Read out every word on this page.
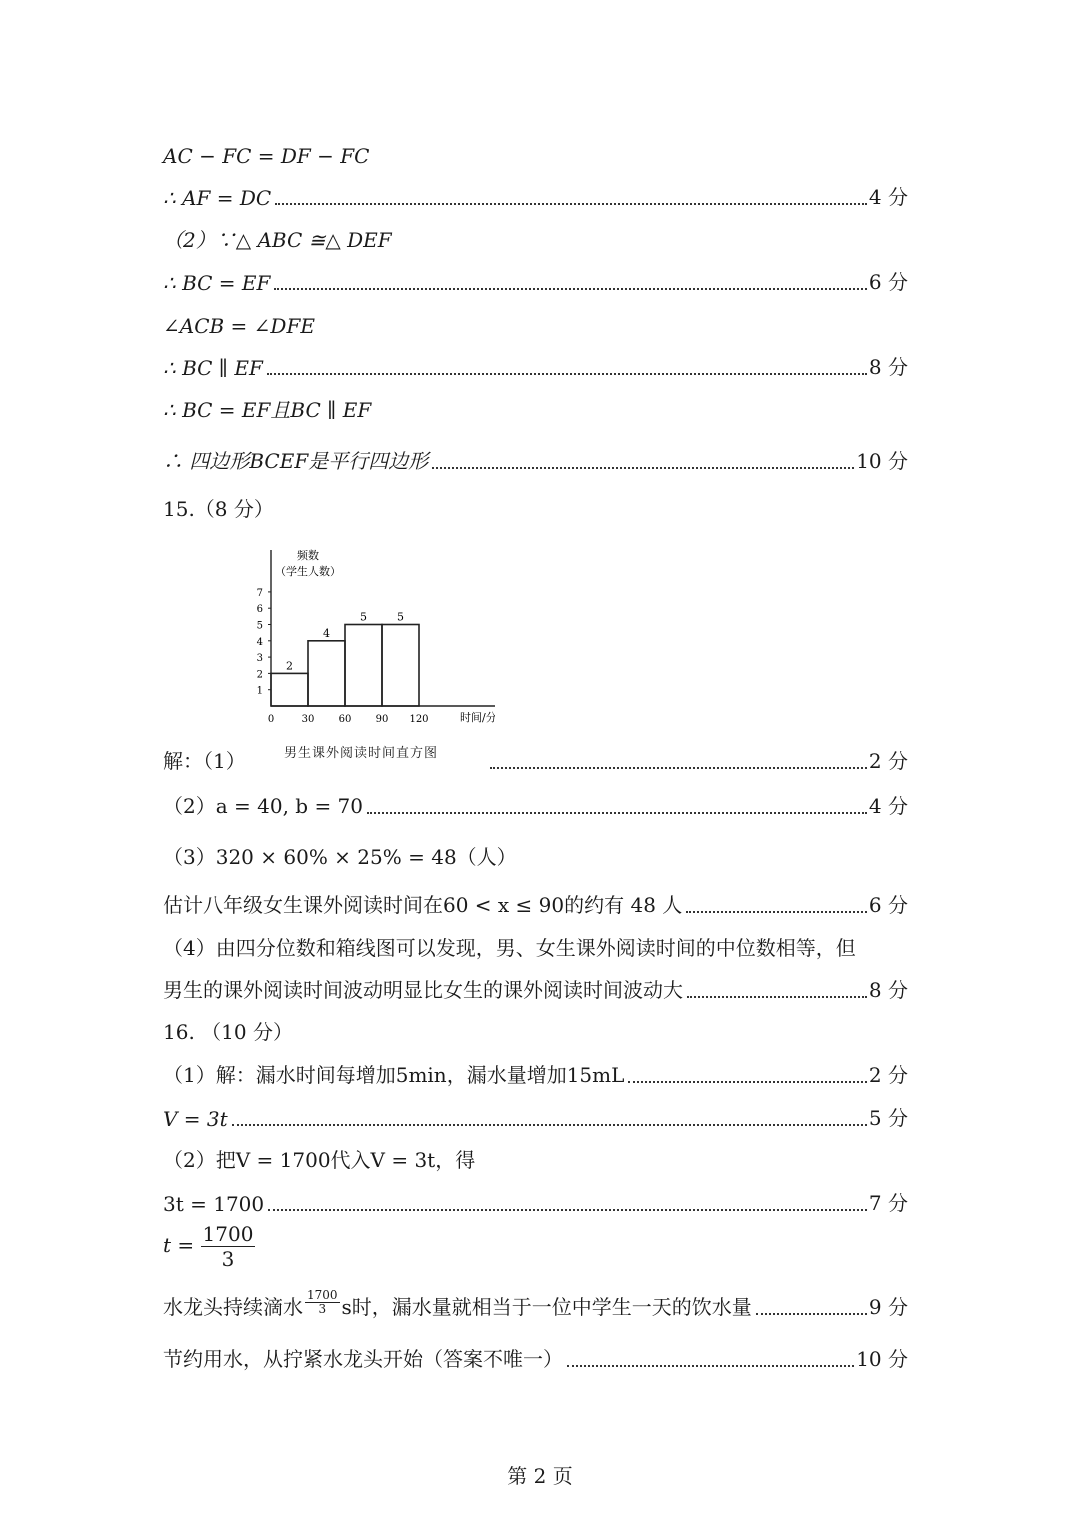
AC − FC = DF − FC
∴ AF = DC	4 分
（2）∵△ ABC ≅△ DEF
∴ BC = EF	6 分
∠ACB = ∠DFE
∴ BC ∥ EF	8 分
∴ BC = EF且BC ∥ EF
∴ 四边形BCEF是平行四边形	10 分
15.（8 分）
频数
（学生人数）
2
4
5	5
1
2
3
4
5
6
7
0	30 60 90 120	时间/分
解：（1）	2 分
男生课外阅读时间直方图
（2）a = 40, b = 70	4 分
（3）320 × 60% × 25% = 48（人）
估计八年级女生课外阅读时间在60 < x ≤ 90的约有 48 人	6 分
（4）由四分位数和箱线图可以发现，男、女生课外阅读时间的中位数相等，但
男生的课外阅读时间波动明显比女生的课外阅读时间波动大	8 分
16. （10 分）
（1）解：漏水时间每增加5min，漏水量增加15mL	2 分
V = 3t	5 分
（2）把V = 1700代入V = 3t，得
3t = 1700	7 分
$t = \frac{1700}{3}$
水龙头持续滴水 $\frac{1700}{3}$ s时，漏水量就相当于一位中学生一天的饮水量	9 分
节约用水，从拧紧水龙头开始（答案不唯一）	10 分
第 2 页
